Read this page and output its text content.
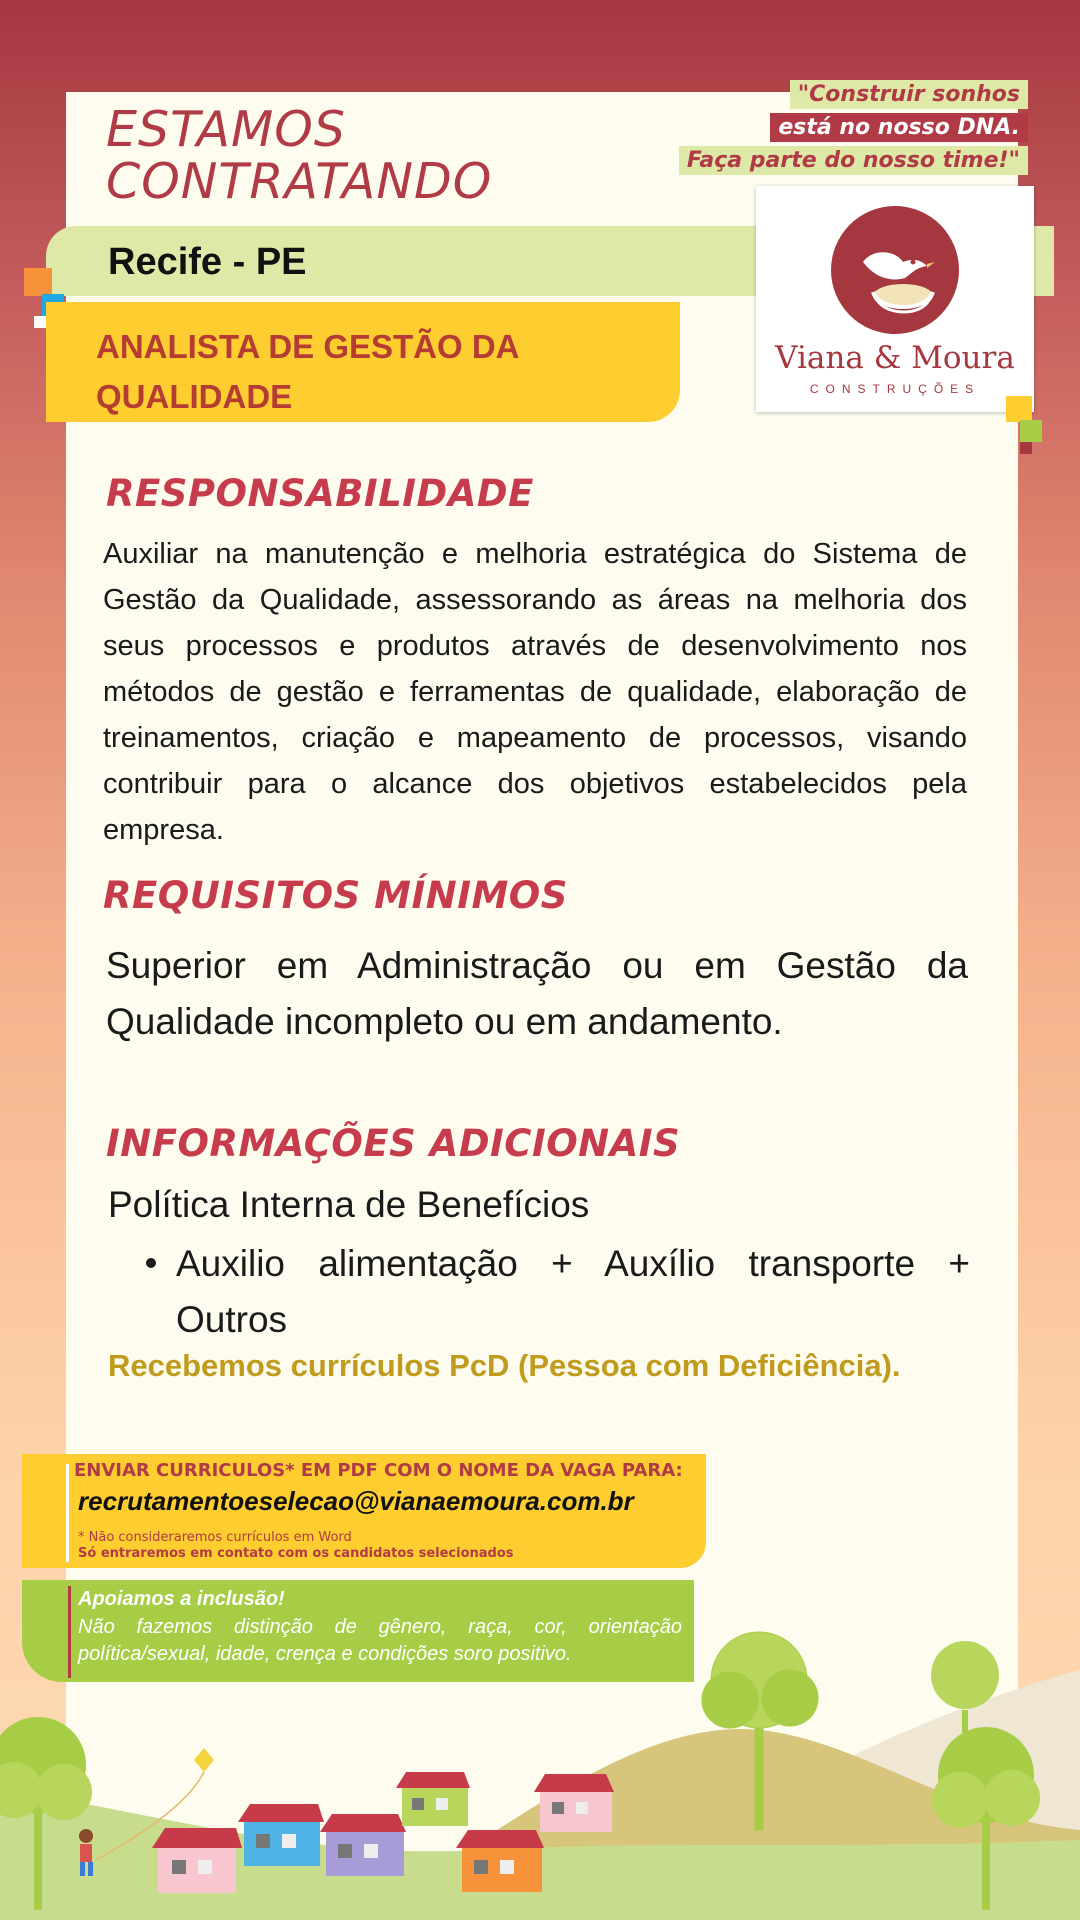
ESTAMOS
CONTRATANDO
"Construir sonhos
está no nosso DNA.
Faça parte do nosso time!"
Recife - PE
ANALISTA DE GESTÃO DA
QUALIDADE
Viana & Moura
CONSTRUÇÕES
RESPONSABILIDADE
Auxiliar na manutenção e melhoria estratégica do Sistema de Gestão da Qualidade, assessorando as áreas na melhoria dos seus processos e produtos através de desenvolvimento nos métodos de gestão e ferramentas de qualidade, elaboração de treinamentos, criação e mapeamento de processos, visando contribuir para o alcance dos objetivos estabelecidos pela empresa.
REQUISITOS MÍNIMOS
Superior em Administração ou em Gestão da Qualidade incompleto ou em andamento.
INFORMAÇÕES ADICIONAIS
Política Interna de Benefícios
Auxilio alimentação + Auxílio transporte + Outros
Recebemos currículos PcD (Pessoa com Deficiência).
ENVIAR CURRICULOS* EM PDF COM O NOME DA VAGA PARA:
recrutamentoeselecao@vianaemoura.com.br
* Não consideraremos currículos em Word
Só entraremos em contato com os candidatos selecionados
Apoiamos a inclusão!
Não fazemos distinção de gênero, raça, cor, orientação política/sexual, idade, crença e condições soro positivo.
